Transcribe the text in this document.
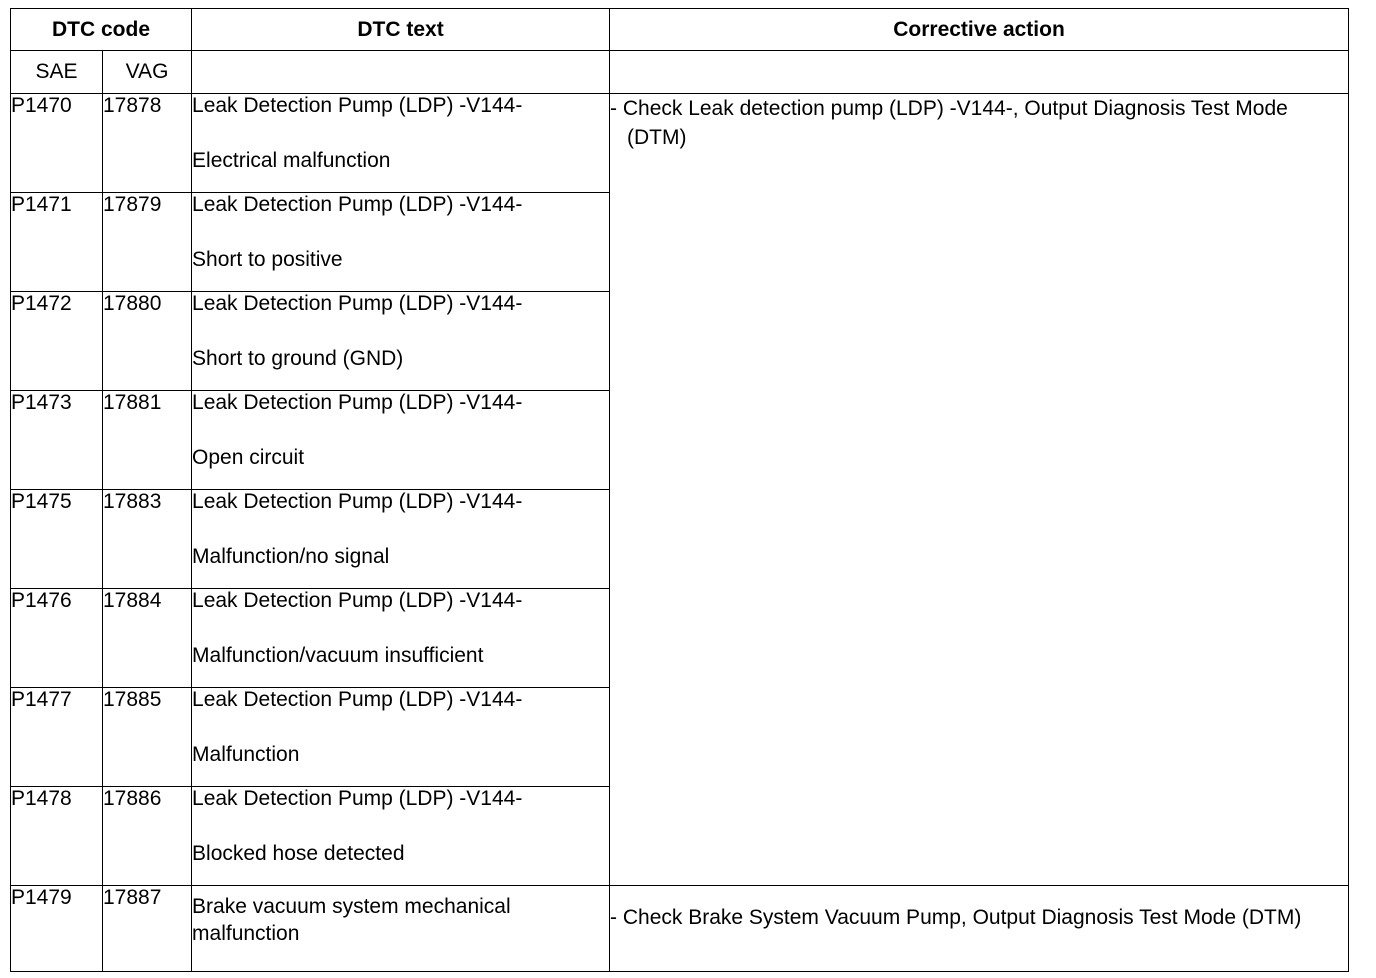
DTC code		DTC text	Corrective action
SAE	VAG		
P1470	17878	Leak Detection Pump (LDP) -V144-
Electrical malfunction	- Check Leak detection pump (LDP) -V144-, Output Diagnosis Test Mode (DTM)

P1471	17879	Leak Detection Pump (LDP) -V144-
Short to positive	

P1472	17880	Leak Detection Pump (LDP) -V144-
Short to ground (GND)	

P1473	17881	Leak Detection Pump (LDP) -V144-
Open circuit	

P1475	17883	Leak Detection Pump (LDP) -V144-
Malfunction/no signal	

P1476	17884	Leak Detection Pump (LDP) -V144-
Malfunction/vacuum insufficient	

P1477	17885	Leak Detection Pump (LDP) -V144-
Malfunction	

P1478	17886	Leak Detection Pump (LDP) -V144-
Blocked hose detected	

P1479	17887	Brake vacuum system mechanical malfunction	- Check Brake System Vacuum Pump, Output Diagnosis Test Mode (DTM)
